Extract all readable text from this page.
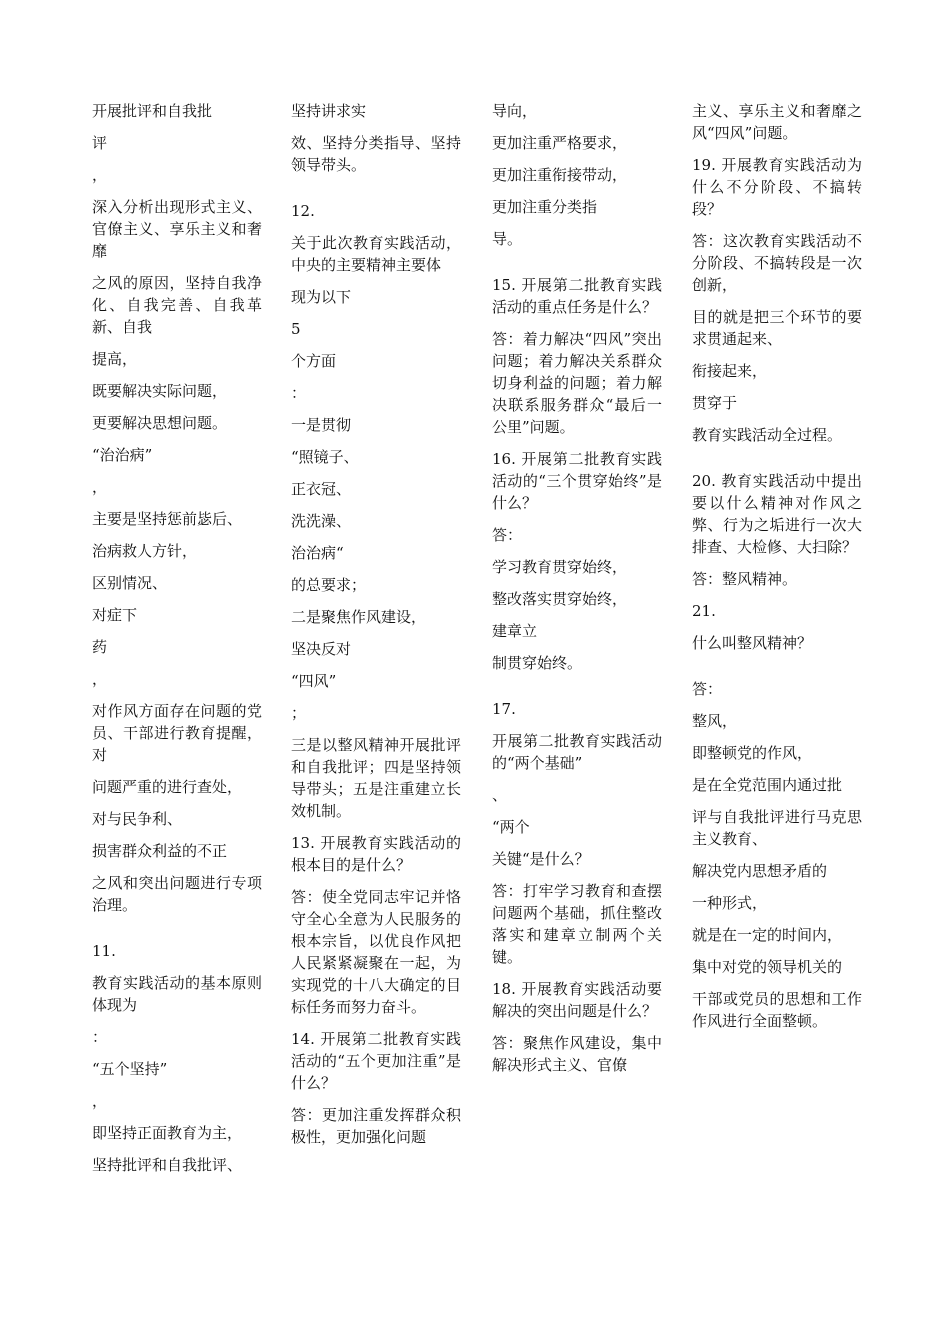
开展批评和自我批

评

，

深入分析出现形式主义、官僚主义、享乐主义和奢靡

之风的原因，坚持自我净化、自我完善、自我革新、自我

提高，

既要解决实际问题，

更要解决思想问题。

“治治病”

，

主要是坚持惩前毖后、

治病救人方针，

区别情况、

对症下

药

，

对作风方面存在问题的党员、干部进行教育提醒，对

问题严重的进行查处，

对与民争利、

损害群众利益的不正

之风和突出问题进行专项治理。

11.

教育实践活动的基本原则体现为

：

“五个坚持”

，

即坚持正面教育为主，

坚持批评和自我批评、

坚持讲求实

效、坚持分类指导、坚持领导带头。

12.

关于此次教育实践活动，中央的主要精神主要体

现为以下

5

个方面

：

一是贯彻

“照镜子、

正衣冠、

洗洗澡、

治治病“

的总要求；

二是聚焦作风建设，

坚决反对

“四风”

；

三是以整风精神开展批评和自我批评；四是坚持领导带头；五是注重建立长效机制。

13. 开展教育实践活动的根本目的是什么？

答：使全党同志牢记并恪守全心全意为人民服务的根本宗旨，以优良作风把人民紧紧凝聚在一起，为实现党的十八大确定的目标任务而努力奋斗。

14. 开展第二批教育实践活动的“五个更加注重”是什么？

答：更加注重发挥群众积极性，更加强化问题

导向，

更加注重严格要求，

更加注重衔接带动，

更加注重分类指

导。

15. 开展第二批教育实践活动的重点任务是什么？

答：着力解决“四风”突出问题；着力解决关系群众切身利益的问题；着力解决联系服务群众“最后一公里”问题。

16. 开展第二批教育实践活动的“三个贯穿始终”是什么？

答：

学习教育贯穿始终，

整改落实贯穿始终，

建章立

制贯穿始终。

17.

开展第二批教育实践活动的“两个基础”

、

“两个

关键“是什么？

答：打牢学习教育和查摆问题两个基础，抓住整改落实和建章立制两个关键。

18. 开展教育实践活动要解决的突出问题是什么？

答：聚焦作风建设，集中解决形式主义、官僚

主义、享乐主义和奢靡之风“四风”问题。

19. 开展教育实践活动为什么不分阶段、不搞转段？

答：这次教育实践活动不分阶段、不搞转段是一次创新，

目的就是把三个环节的要求贯通起来、

衔接起来，

贯穿于

教育实践活动全过程。

20. 教育实践活动中提出要以什么精神对作风之弊、行为之垢进行一次大排查、大检修、大扫除？

答：整风精神。

21.

什么叫整风精神？

答：

整风，

即整顿党的作风，

是在全党范围内通过批

评与自我批评进行马克思主义教育、

解决党内思想矛盾的

一种形式，

就是在一定的时间内，

集中对党的领导机关的

干部或党员的思想和工作作风进行全面整顿。
